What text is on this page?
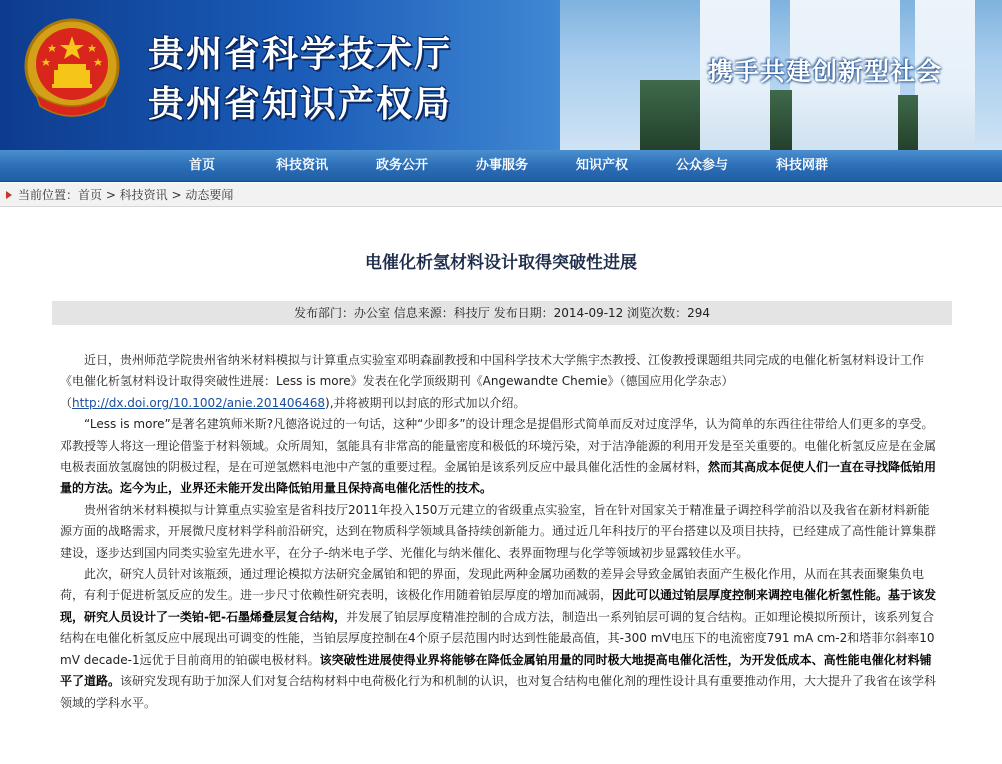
贵州省科学技术厅
贵州省知识产权局
携手共建创新型社会
首页	科技资讯	政务公开	办事服务	知识产权	公众参与	科技网群
当前位置：首页 > 科技资讯 > 动态要闻
电催化析氢材料设计取得突破性进展
发布部门：办公室 信息来源：科技厅 发布日期：2014-09-12 浏览次数：294

近日，贵州师范学院贵州省纳米材料模拟与计算重点实验室邓明森副教授和中国科学技术大学熊宇杰教授、江俊教授课题组共同完成的电催化析氢材料设计工作《电催化析氢材料设计取得突破性进展：Less is more》发表在化学顶级期刊《Angewandte Chemie》（德国应用化学杂志）（http://dx.doi.org/10.1002/anie.201406468),并将被期刊以封底的形式加以介绍。

“Less is more”是著名建筑师米斯?凡德洛说过的一句话，这种“少即多”的设计理念是提倡形式简单而反对过度浮华，认为简单的东西往往带给人们更多的享受。邓教授等人将这一理论借鉴于材料领域。众所周知，氢能具有非常高的能量密度和极低的环境污染，对于洁净能源的利用开发是至关重要的。电催化析氢反应是在金属电极表面放氢腐蚀的阴极过程，是在可逆氢燃料电池中产氢的重要过程。金属铂是该系列反应中最具催化活性的金属材料，然而其高成本促使人们一直在寻找降低铂用量的方法。迄今为止，业界还未能开发出降低铂用量且保持高电催化活性的技术。

贵州省纳米材料模拟与计算重点实验室是省科技厅2011年投入150万元建立的省级重点实验室，旨在针对国家关于精准量子调控科学前沿以及我省在新材料新能源方面的战略需求，开展微尺度材料学科前沿研究，达到在物质科学领域具备持续创新能力。通过近几年科技厅的平台搭建以及项目扶持，已经建成了高性能计算集群建设，逐步达到国内同类实验室先进水平，在分子-纳米电子学、光催化与纳米催化、表界面物理与化学等领域初步显露较佳水平。

此次，研究人员针对该瓶颈，通过理论模拟方法研究金属铂和钯的界面，发现此两种金属功函数的差异会导致金属铂表面产生极化作用，从而在其表面聚集负电荷，有利于促进析氢反应的发生。进一步尺寸依赖性研究表明，该极化作用随着铂层厚度的增加而减弱，因此可以通过铂层厚度控制来调控电催化析氢性能。基于该发现，研究人员设计了一类铂-钯-石墨烯叠层复合结构，并发展了铂层厚度精准控制的合成方法，制造出一系列铂层可调的复合结构。正如理论模拟所预计，该系列复合结构在电催化析氢反应中展现出可调变的性能，当铂层厚度控制在4个原子层范围内时达到性能最高值，其-300 mV电压下的电流密度791 mA cm-2和塔菲尔斜率10 mV decade-1远优于目前商用的铂碳电极材料。该突破性进展使得业界将能够在降低金属铂用量的同时极大地提高电催化活性，为开发低成本、高性能电催化材料铺平了道路。该研究发现有助于加深人们对复合结构材料中电荷极化行为和机制的认识，也对复合结构电催化剂的理性设计具有重要推动作用，大大提升了我省在该学科领域的学科水平。
